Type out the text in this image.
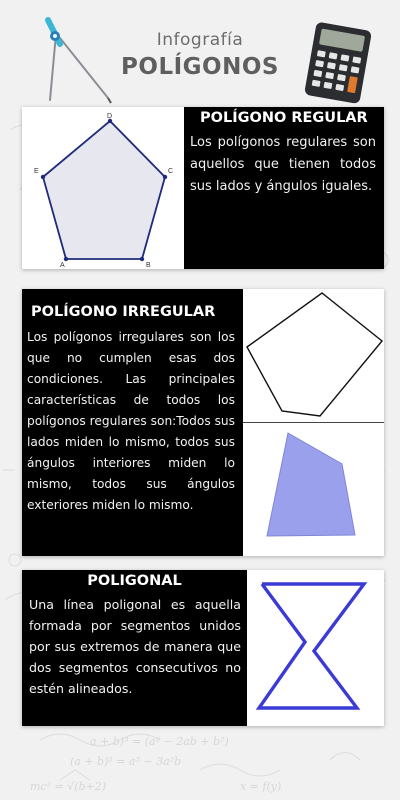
a + b)³ = (a² − 2ab + b²)
(a + b)² = a³ − 3a²b
mc² = √(b+2)	x = f(y)
Infografía
POLÍGONOS
A	B
C
D
E
POLÍGONO REGULAR
Los polígonos regulares son aquellos que tienen todos sus lados y ángulos iguales.
POLÍGONO IRREGULAR
Los polígonos irregulares son los que no cumplen esas dos condiciones. Las principales características de todos los polígonos regulares son:Todos sus lados miden lo mismo, todos sus ángulos interiores miden lo mismo, todos sus ángulos exteriores miden lo mismo.
POLIGONAL
Una línea poligonal es aquella formada por segmentos unidos por sus extremos de manera que dos segmentos consecutivos no estén alineados.
